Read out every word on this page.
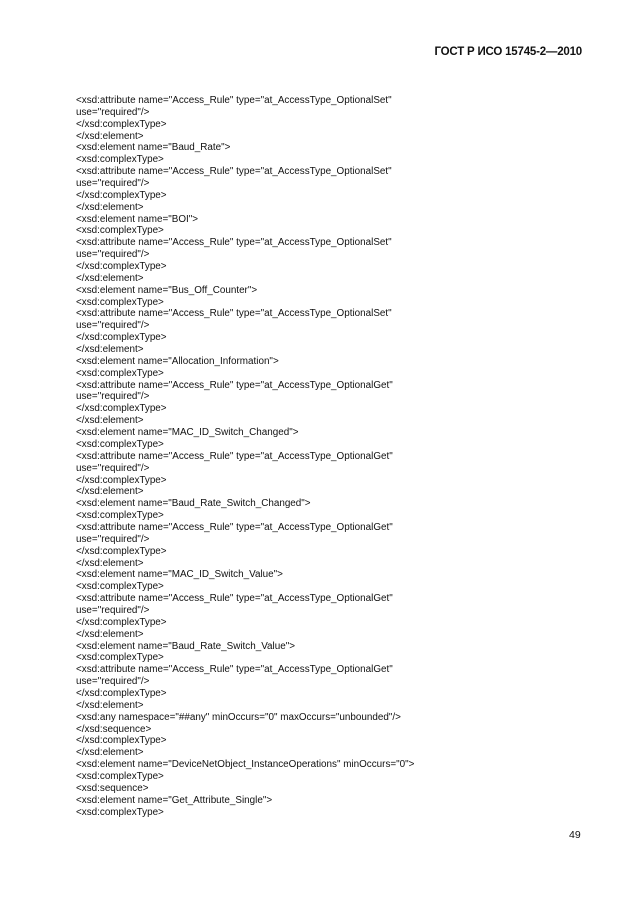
ГОСТ Р ИСО 15745-2—2010
<xsd:attribute name="Access_Rule" type="at_AccessType_OptionalSet"
use="required"/>
</xsd:complexType>
</xsd:element>
<xsd:element name="Baud_Rate">
<xsd:complexType>
<xsd:attribute name="Access_Rule" type="at_AccessType_OptionalSet"
use="required"/>
</xsd:complexType>
</xsd:element>
<xsd:element name="BOI">
<xsd:complexType>
<xsd:attribute name="Access_Rule" type="at_AccessType_OptionalSet"
use="required"/>
</xsd:complexType>
</xsd:element>
<xsd:element name="Bus_Off_Counter">
<xsd:complexType>
<xsd:attribute name="Access_Rule" type="at_AccessType_OptionalSet"
use="required"/>
</xsd:complexType>
</xsd:element>
<xsd:element name="Allocation_Information">
<xsd:complexType>
<xsd:attribute name="Access_Rule" type="at_AccessType_OptionalGet"
use="required"/>
</xsd:complexType>
</xsd:element>
<xsd:element name="MAC_ID_Switch_Changed">
<xsd:complexType>
<xsd:attribute name="Access_Rule" type="at_AccessType_OptionalGet"
use="required"/>
</xsd:complexType>
</xsd:element>
<xsd:element name="Baud_Rate_Switch_Changed">
<xsd:complexType>
<xsd:attribute name="Access_Rule" type="at_AccessType_OptionalGet"
use="required"/>
</xsd:complexType>
</xsd:element>
<xsd:element name="MAC_ID_Switch_Value">
<xsd:complexType>
<xsd:attribute name="Access_Rule" type="at_AccessType_OptionalGet"
use="required"/>
</xsd:complexType>
</xsd:element>
<xsd:element name="Baud_Rate_Switch_Value">
<xsd:complexType>
<xsd:attribute name="Access_Rule" type="at_AccessType_OptionalGet"
use="required"/>
</xsd:complexType>
</xsd:element>
<xsd:any namespace="##any" minOccurs="0" maxOccurs="unbounded"/>
</xsd:sequence>
</xsd:complexType>
</xsd:element>
<xsd:element name="DeviceNetObject_InstanceOperations" minOccurs="0">
<xsd:complexType>
<xsd:sequence>
<xsd:element name="Get_Attribute_Single">
<xsd:complexType>
49
